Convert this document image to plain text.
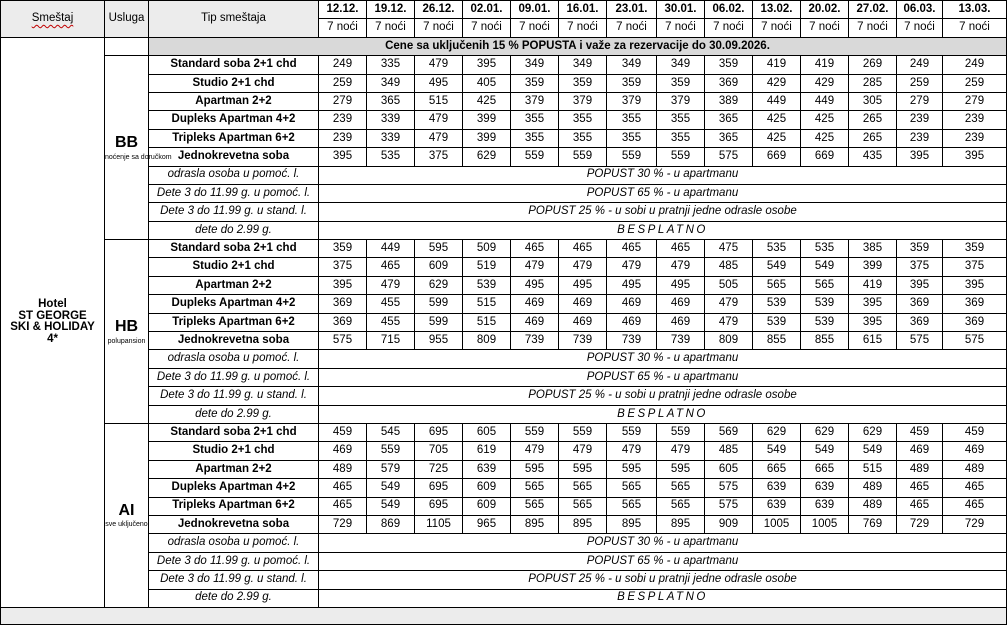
Smeštaj	Usluga	Tip smeštaja	12.12.	19.12.	26.12.	02.01.	09.01.	16.01.	23.01.	30.01.	06.02.	13.02.	20.02.	27.02.	06.03.	13.03.
			7 noći	7 noći	7 noći	7 noći	7 noći	7 noći	7 noći	7 noći	7 noći	7 noći	7 noći	7 noći	7 noći	7 noći

Hotel
ST GEORGE
SKI & HOLIDAY
4*		Cene sa uključenih 15 % POPUSTA i važe za rezervacije do 30.09.2026.														

	BB
noćenje sa doručkom	Standard soba 2+1 chd	249	335	479	395	349	349	349	349	359	419	419	269	249	249
		Studio 2+1 chd	259	349	495	405	359	359	359	359	369	429	429	285	259	259
		Apartman 2+2	279	365	515	425	379	379	379	379	389	449	449	305	279	279
		Dupleks Apartman 4+2	239	339	479	399	355	355	355	355	365	425	425	265	239	239
		Tripleks Apartman 6+2	239	339	479	399	355	355	355	355	365	425	425	265	239	239
		Jednokrevetna soba	395	535	375	629	559	559	559	559	575	669	669	435	395	395
		odrasla osoba u pomoć. l.	POPUST 30 % - u apartmanu													
		Dete 3 do 11.99 g. u pomoć. l.	POPUST 65 % - u apartmanu													
		Dete 3 do 11.99 g. u stand. l.	POPUST 25 % - u sobi u pratnji jedne odrasle osobe													
		dete do 2.99 g.	BESPLATNO													

	HB
polupansion	Standard soba 2+1 chd	359	449	595	509	465	465	465	465	475	535	535	385	359	359
		Studio 2+1 chd	375	465	609	519	479	479	479	479	485	549	549	399	375	375
		Apartman 2+2	395	479	629	539	495	495	495	495	505	565	565	419	395	395
		Dupleks Apartman 4+2	369	455	599	515	469	469	469	469	479	539	539	395	369	369
		Tripleks Apartman 6+2	369	455	599	515	469	469	469	469	479	539	539	395	369	369
		Jednokrevetna soba	575	715	955	809	739	739	739	739	809	855	855	615	575	575
		odrasla osoba u pomoć. l.	POPUST 30 % - u apartmanu													
		Dete 3 do 11.99 g. u pomoć. l.	POPUST 65 % - u apartmanu													
		Dete 3 do 11.99 g. u stand. l.	POPUST 25 % - u sobi u pratnji jedne odrasle osobe													
		dete do 2.99 g.	BESPLATNO													

	AI
sve uključeno	Standard soba 2+1 chd	459	545	695	605	559	559	559	559	569	629	629	629	459	459
		Studio 2+1 chd	469	559	705	619	479	479	479	479	485	549	549	549	469	469
		Apartman 2+2	489	579	725	639	595	595	595	595	605	665	665	515	489	489
		Dupleks Apartman 4+2	465	549	695	609	565	565	565	565	575	639	639	489	465	465
		Tripleks Apartman 6+2	465	549	695	609	565	565	565	565	575	639	639	489	465	465
		Jednokrevetna soba	729	869	1105	965	895	895	895	895	909	1005	1005	769	729	729
		odrasla osoba u pomoć. l.	POPUST 30 % - u apartmanu													
		Dete 3 do 11.99 g. u pomoć. l.	POPUST 65 % - u apartmanu													
		Dete 3 do 11.99 g. u stand. l.	POPUST 25 % - u sobi u pratnji jedne odrasle osobe													
		dete do 2.99 g.	BESPLATNO													
